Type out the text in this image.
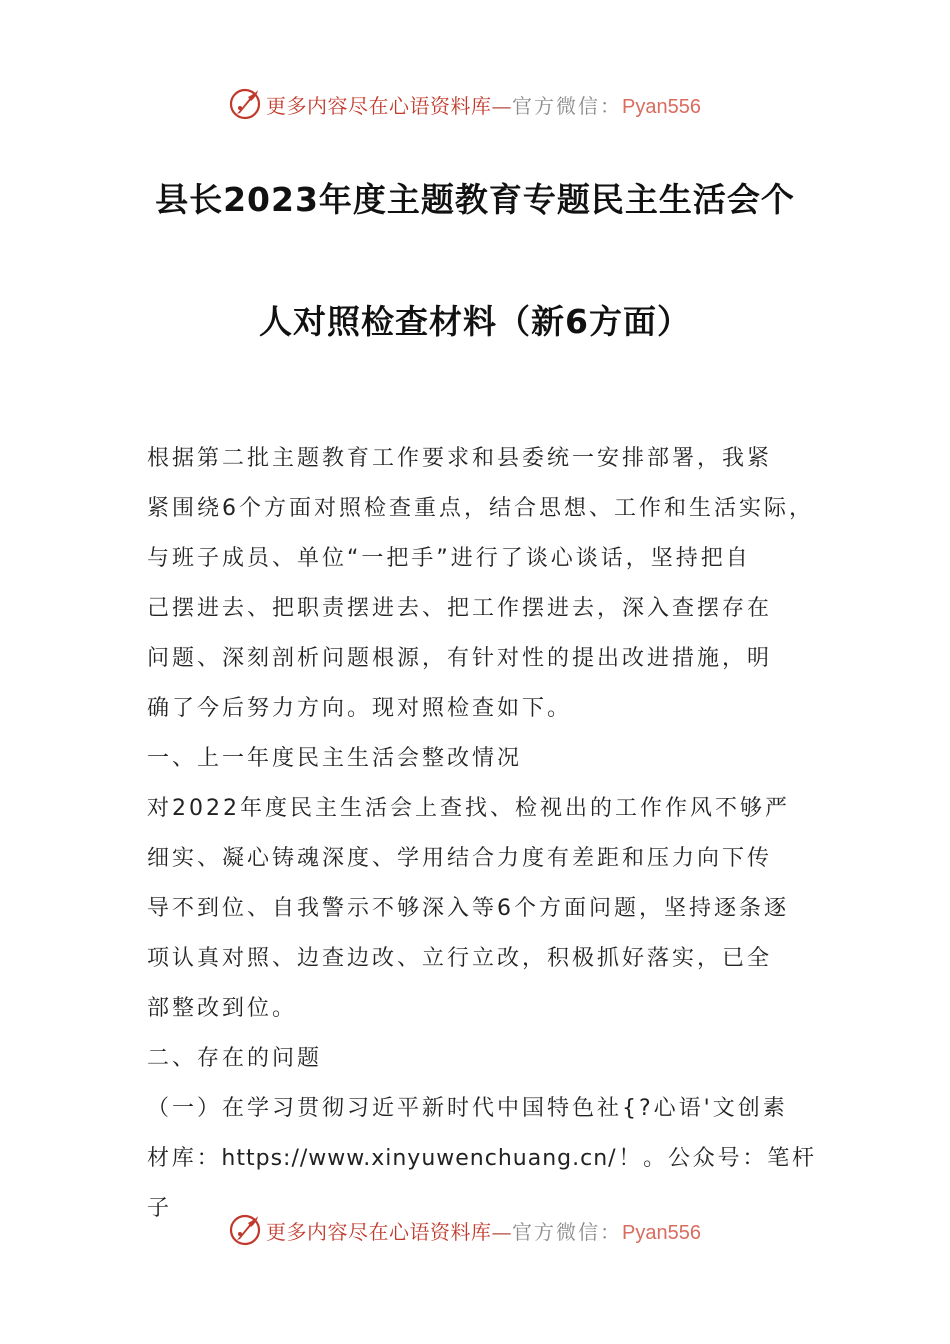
更多内容尽在心语资料库—官方微信：Pyan556
县长2023年度主题教育专题民主生活会个
人对照检查材料（新6方面）

根据第二批主题教育工作要求和县委统一安排部署，我紧

紧围绕6个方面对照检查重点，结合思想、工作和生活实际，

与班子成员、单位“一把手”进行了谈心谈话，坚持把自

己摆进去、把职责摆进去、把工作摆进去，深入查摆存在

问题、深刻剖析问题根源，有针对性的提出改进措施，明

确了今后努力方向。现对照检查如下。

一、上一年度民主生活会整改情况

对2022年度民主生活会上查找、检视出的工作作风不够严

细实、凝心铸魂深度、学用结合力度有差距和压力向下传

导不到位、自我警示不够深入等6个方面问题，坚持逐条逐

项认真对照、边查边改、立行立改，积极抓好落实，已全

部整改到位。

二、存在的问题

（一）在学习贯彻习近平新时代中国特色社{?心语'文创素

材库：https://www.xinyuwenchuang.cn/！。公众号：笔杆子

更多内容尽在心语资料库—官方微信：Pyan556
